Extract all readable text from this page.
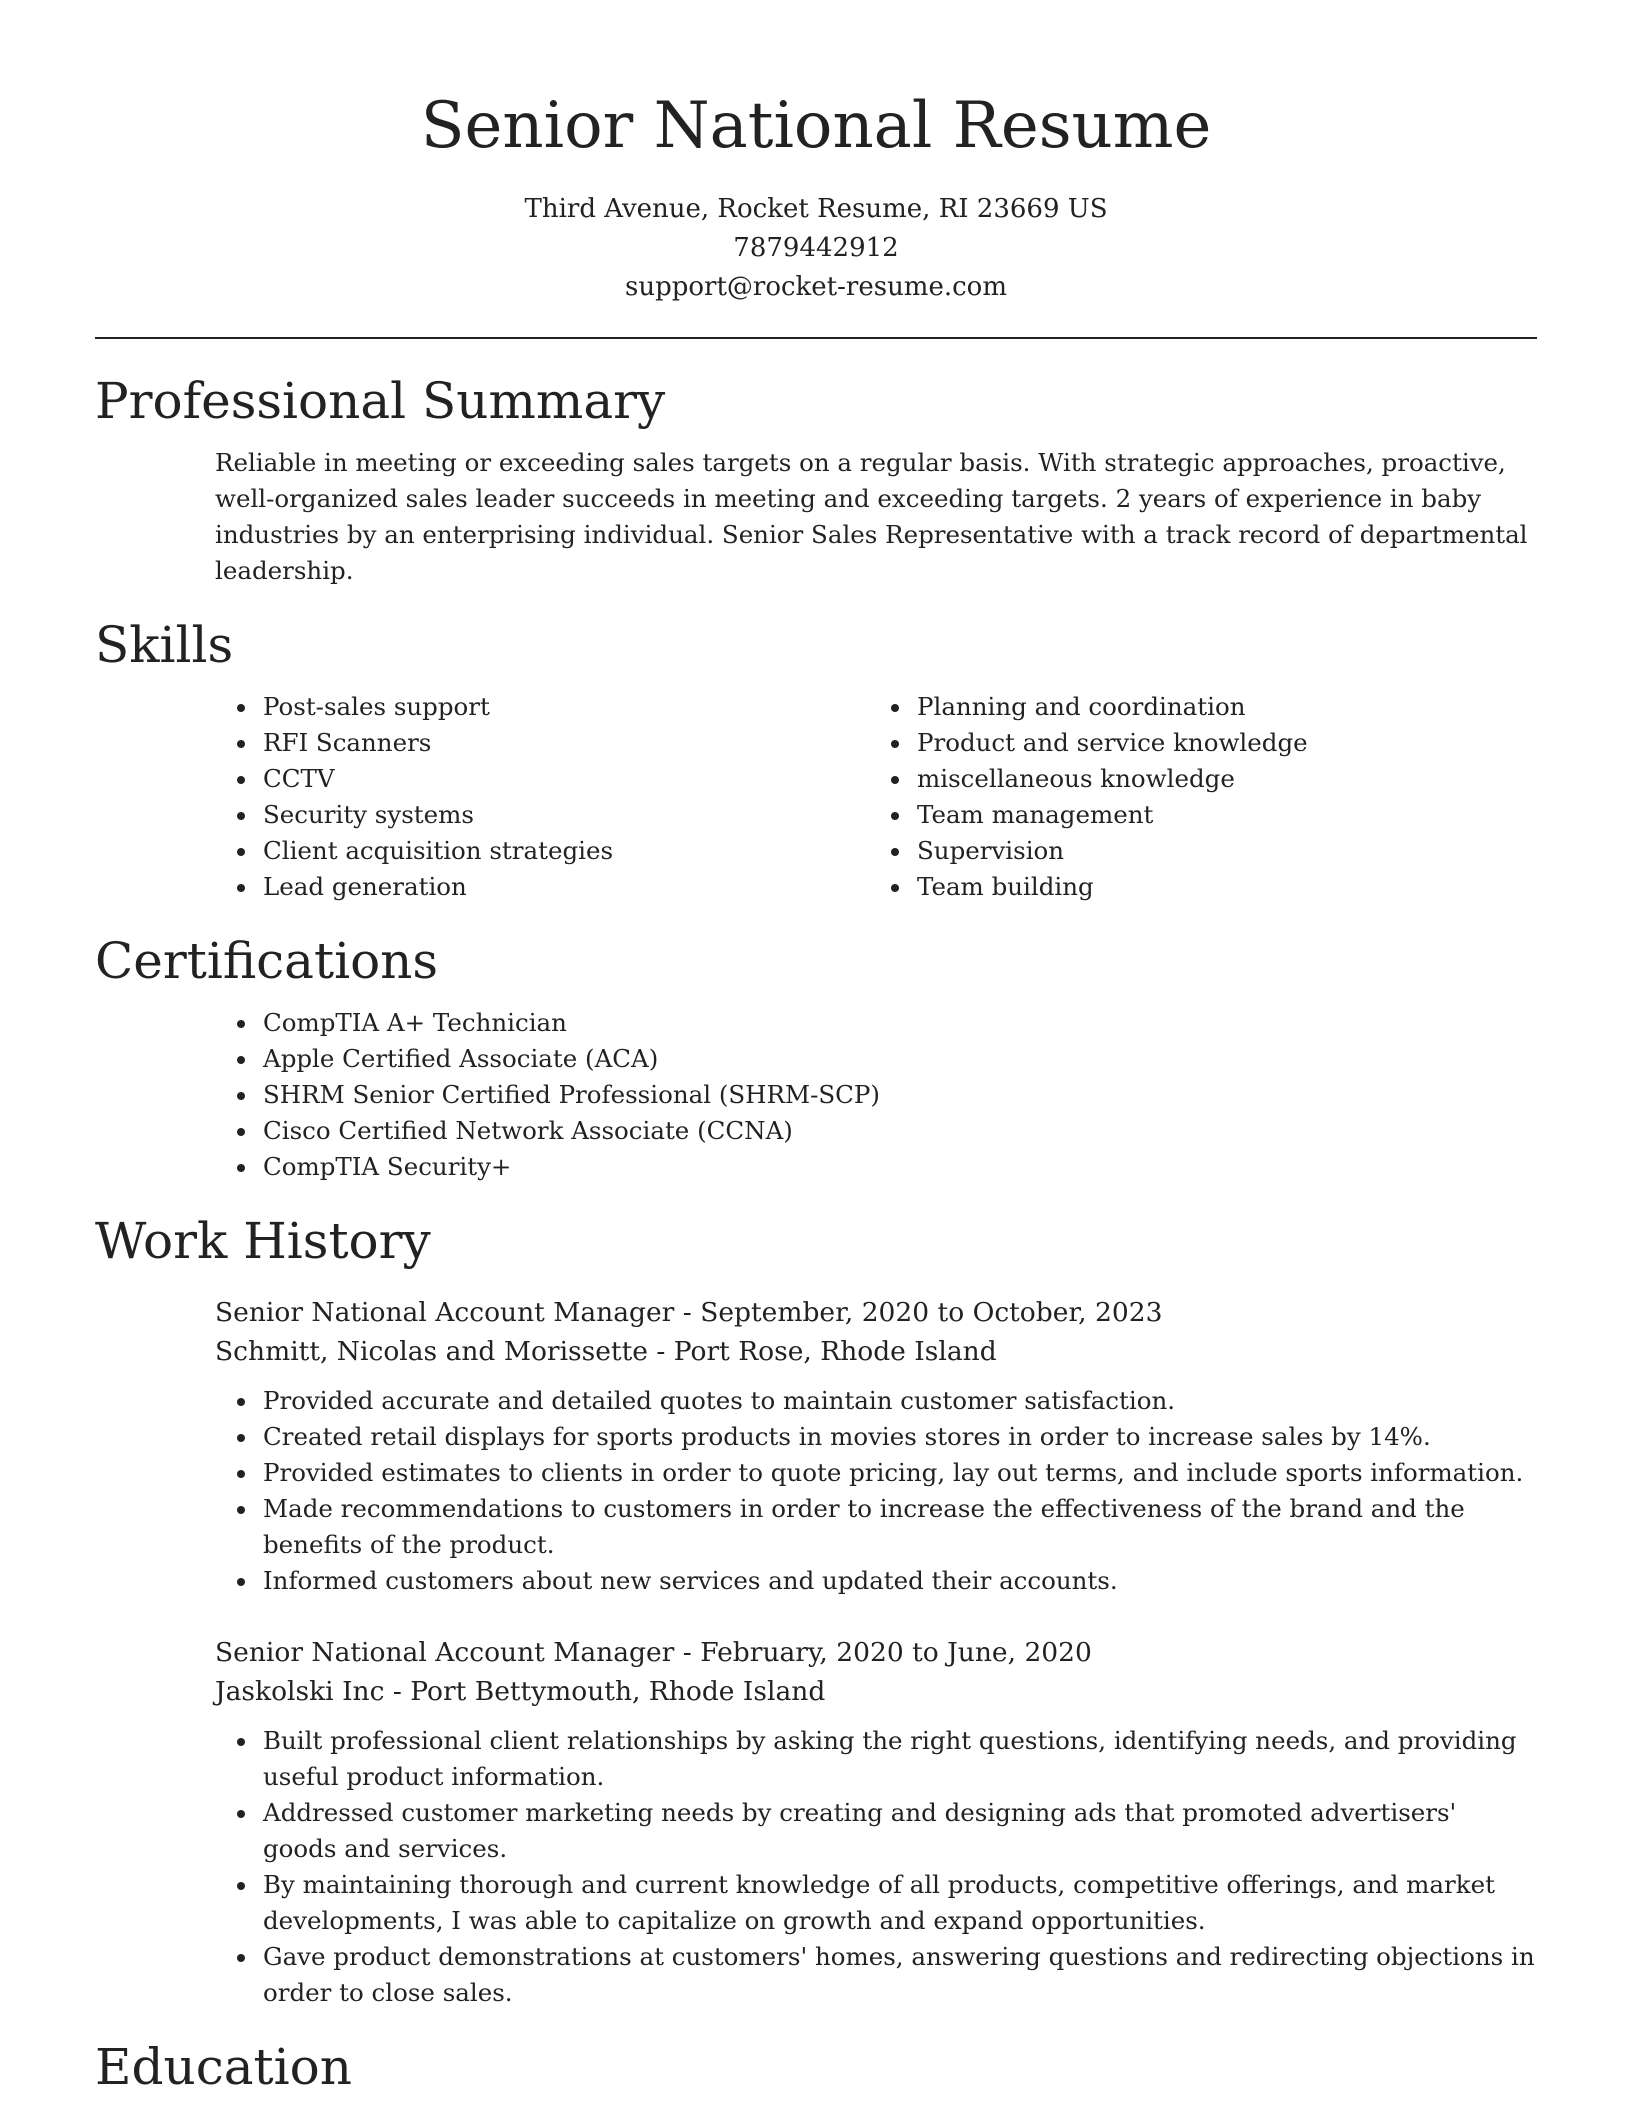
Senior National Resume
Third Avenue, Rocket Resume, RI 23669 US
7879442912
support@rocket-resume.com
Professional Summary

Reliable in meeting or exceeding sales targets on a regular basis. With strategic approaches, proactive, well-organized sales leader succeeds in meeting and exceeding targets. 2 years of experience in baby industries by an enterprising individual. Senior Sales Representative with a track record of departmental leadership.

Skills
• Post-sales support
• RFI Scanners
• CCTV
• Security systems
• Client acquisition strategies
• Lead generation
• Planning and coordination
• Product and service knowledge
• miscellaneous knowledge
• Team management
• Supervision
• Team building
Certifications
• CompTIA A+ Technician
• Apple Certified Associate (ACA)
• SHRM Senior Certified Professional (SHRM-SCP)
• Cisco Certified Network Associate (CCNA)
• CompTIA Security+
Work History
Senior National Account Manager - September, 2020 to October, 2023
Schmitt, Nicolas and Morissette - Port Rose, Rhode Island
• Provided accurate and detailed quotes to maintain customer satisfaction.
• Created retail displays for sports products in movies stores in order to increase sales by 14%.
• Provided estimates to clients in order to quote pricing, lay out terms, and include sports information.
• Made recommendations to customers in order to increase the effectiveness of the brand and the benefits of the product.
• Informed customers about new services and updated their accounts.
Senior National Account Manager - February, 2020 to June, 2020
Jaskolski Inc - Port Bettymouth, Rhode Island
• Built professional client relationships by asking the right questions, identifying needs, and providing useful product information.
• Addressed customer marketing needs by creating and designing ads that promoted advertisers' goods and services.
• By maintaining thorough and current knowledge of all products, competitive offerings, and market developments, I was able to capitalize on growth and expand opportunities.
• Gave product demonstrations at customers' homes, answering questions and redirecting objections in order to close sales.
Education
